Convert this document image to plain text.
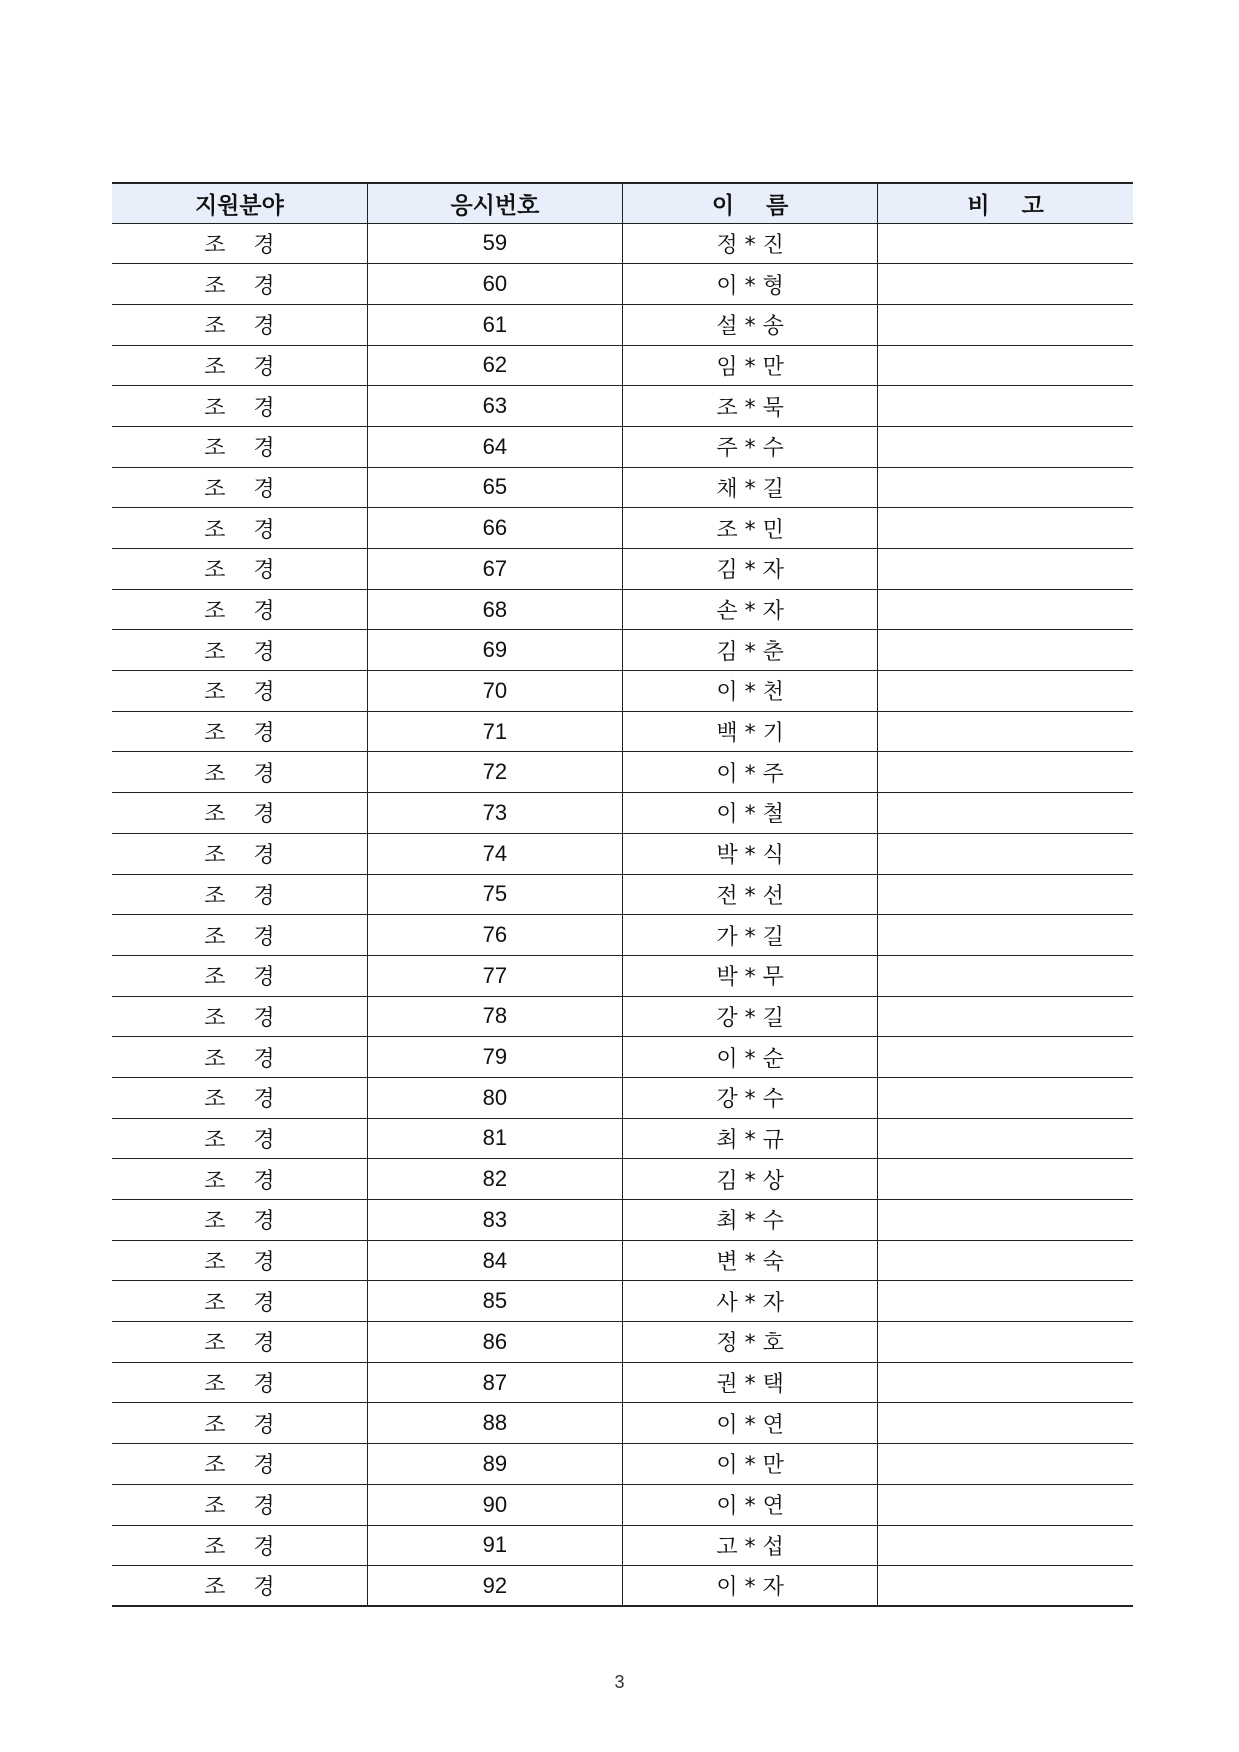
지원분야	응시번호	이    름	비    고
조    경	59	정 * 진	
조    경	60	이 * 형	
조    경	61	설 * 송	
조    경	62	임 * 만	
조    경	63	조 * 묵	
조    경	64	주 * 수	
조    경	65	채 * 길	
조    경	66	조 * 민	
조    경	67	김 * 자	
조    경	68	손 * 자	
조    경	69	김 * 춘	
조    경	70	이 * 천	
조    경	71	백 * 기	
조    경	72	이 * 주	
조    경	73	이 * 철	
조    경	74	박 * 식	
조    경	75	전 * 선	
조    경	76	가 * 길	
조    경	77	박 * 무	
조    경	78	강 * 길	
조    경	79	이 * 순	
조    경	80	강 * 수	
조    경	81	최 * 규	
조    경	82	김 * 상	
조    경	83	최 * 수	
조    경	84	변 * 숙	
조    경	85	사 * 자	
조    경	86	정 * 호	
조    경	87	권 * 택	
조    경	88	이 * 연	
조    경	89	이 * 만	
조    경	90	이 * 연	
조    경	91	고 * 섭	
조    경	92	이 * 자	
3
